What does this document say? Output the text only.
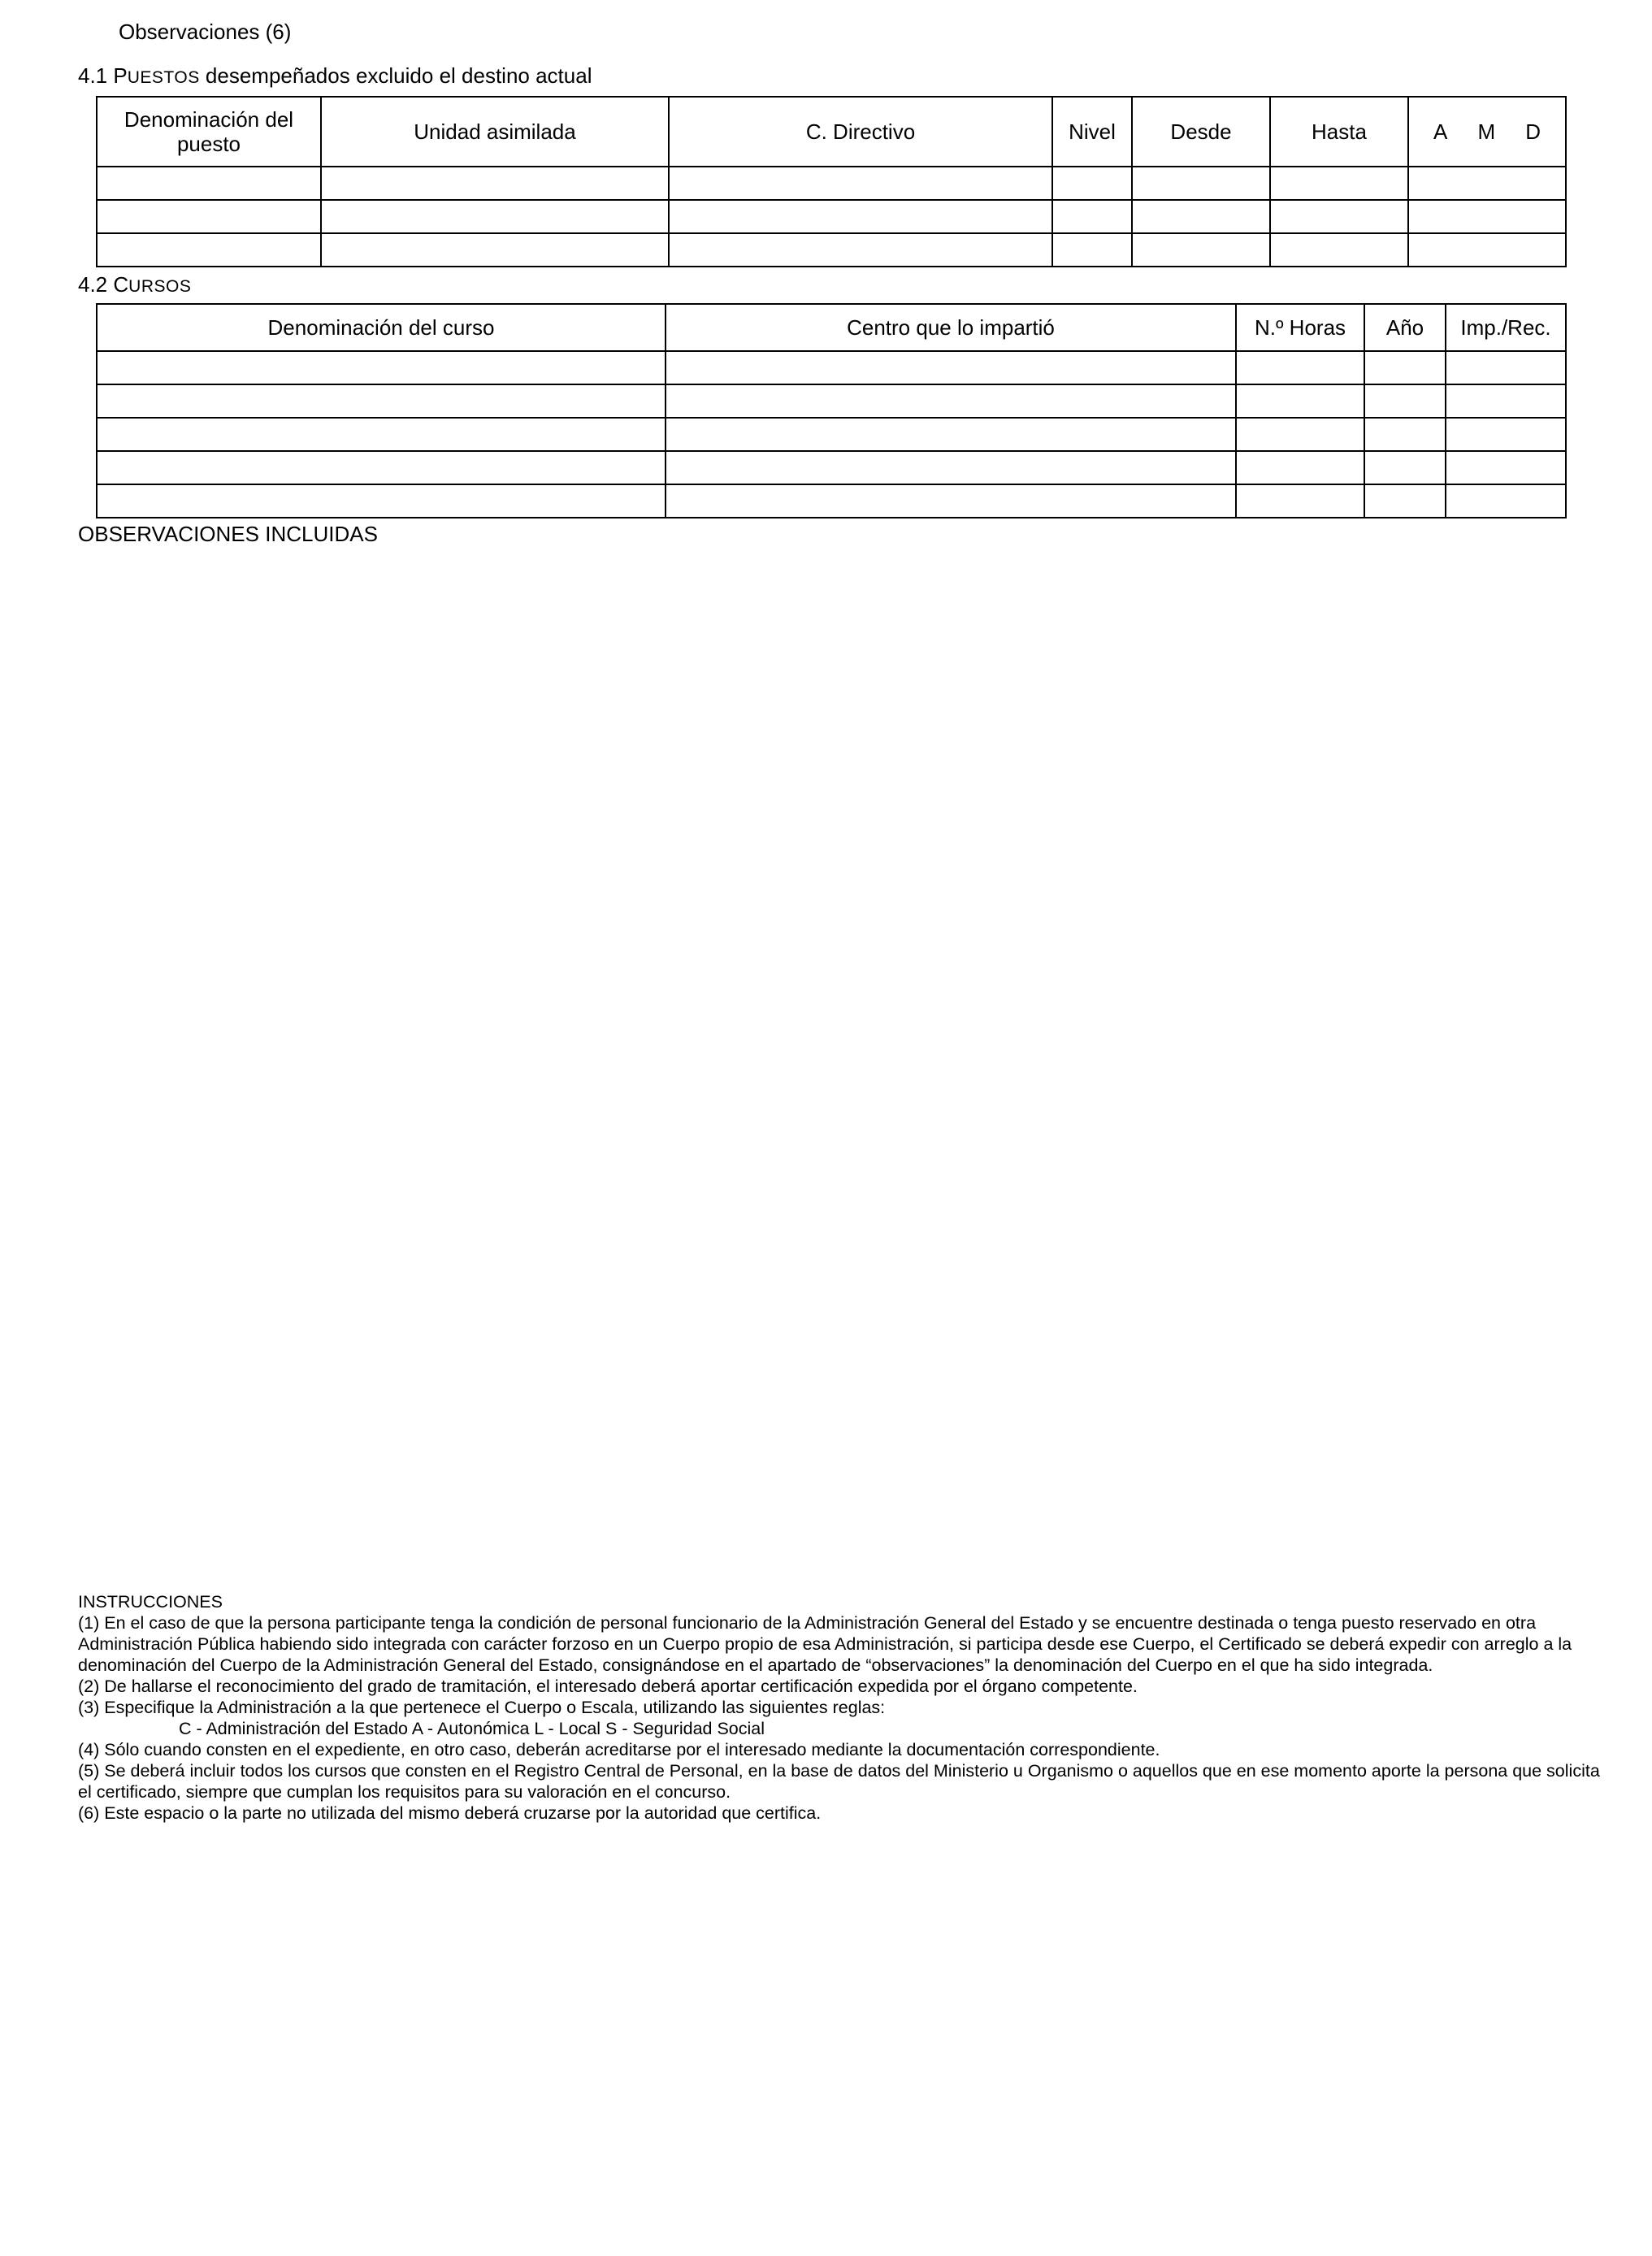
Observaciones (6)
4.1 PUESTOS desempeñados excluido el destino actual
Denominación del puesto	Unidad asimilada	C. Directivo	Nivel	Desde	Hasta	A M D

4.2 CURSOS
Denominación del curso	Centro que lo impartió	N.º Horas	Año	Imp./Rec.

OBSERVACIONES INCLUIDAS

INSTRUCCIONES

(1) En el caso de que la persona participante tenga la condición de personal funcionario de la Administración General del Estado y se encuentre destinada o tenga puesto reservado en otra Administración Pública habiendo sido integrada con carácter forzoso en un Cuerpo propio de esa Administración, si participa desde ese Cuerpo, el Certificado se deberá expedir con arreglo a la denominación del Cuerpo de la Administración General del Estado, consignándose en el apartado de “observaciones” la denominación del Cuerpo en el que ha sido integrada.

(2) De hallarse el reconocimiento del grado de tramitación, el interesado deberá aportar certificación expedida por el órgano competente.

(3) Especifique la Administración a la que pertenece el Cuerpo o Escala, utilizando las siguientes reglas:

C - Administración del Estado A - Autonómica L - Local S - Seguridad Social

(4) Sólo cuando consten en el expediente, en otro caso, deberán acreditarse por el interesado mediante la documentación correspondiente.

(5) Se deberá incluir todos los cursos que consten en el Registro Central de Personal, en la base de datos del Ministerio u Organismo o aquellos que en ese momento aporte la persona que solicita el certificado, siempre que cumplan los requisitos para su valoración en el concurso.

(6) Este espacio o la parte no utilizada del mismo deberá cruzarse por la autoridad que certifica.
